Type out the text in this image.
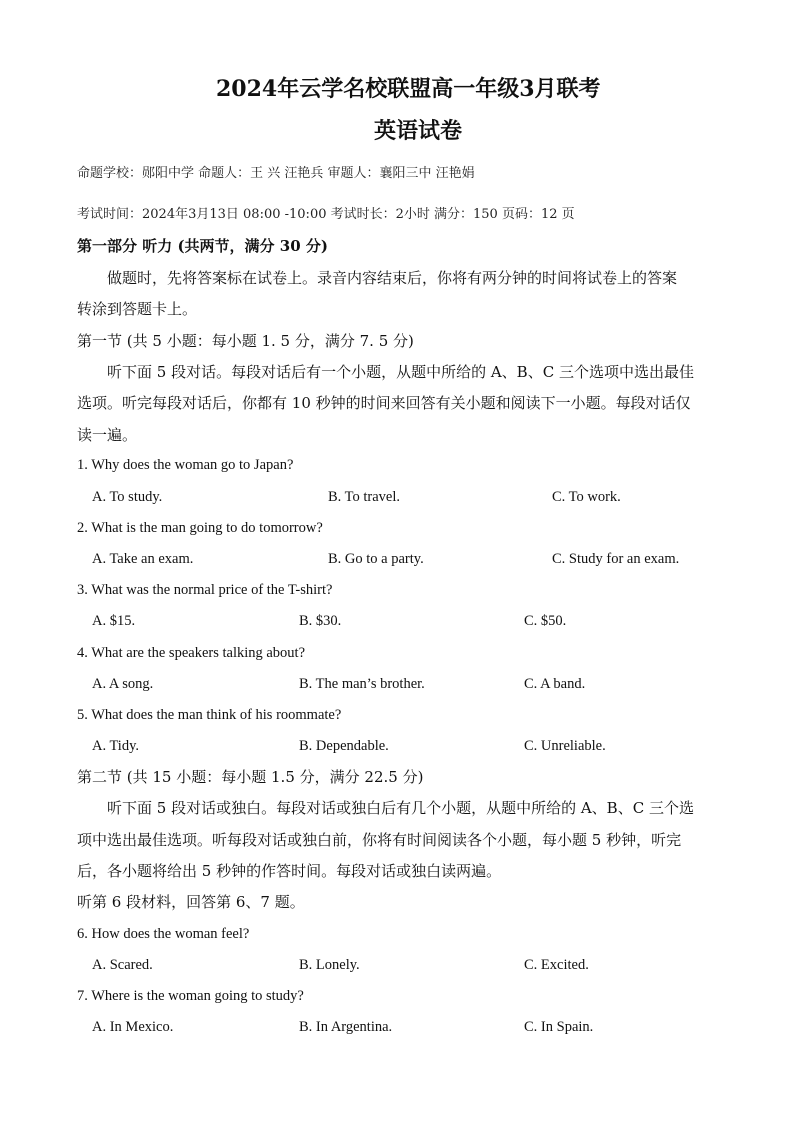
2024年云学名校联盟高一年级3月联考
英语试卷
命题学校：郧阳中学 命题人：王 兴 汪艳兵 审题人：襄阳三中 汪艳娟
考试时间：2024年3月13日 08:00 -10:00 考试时长：2小时 满分：150 页码：12 页
第一部分 听力 (共两节，满分 30 分)
做题时，先将答案标在试卷上。录音内容结束后，你将有两分钟的时间将试卷上的答案
转涂到答题卡上。
第一节 (共 5 小题：每小题 1. 5 分，满分 7. 5 分)
听下面 5 段对话。每段对话后有一个小题，从题中所给的 A、B、C 三个选项中选出最佳
选项。听完每段对话后，你都有 10 秒钟的时间来回答有关小题和阅读下一小题。每段对话仅
读一遍。
1. Why does the woman go to Japan?
A. To study.	B. To travel.	C. To work.
2. What is the man going to do tomorrow?
A. Take an exam.	B. Go to a party.	C. Study for an exam.
3. What was the normal price of the T-shirt?
A. $15.	B. $30.	C. $50.
4. What are the speakers talking about?
A. A song.	B. The man’s brother.	C. A band.
5. What does the man think of his roommate?
A. Tidy.	B. Dependable.	C. Unreliable.
第二节 (共 15 小题：每小题 1.5 分，满分 22.5 分)
听下面 5 段对话或独白。每段对话或独白后有几个小题，从题中所给的 A、B、C 三个选
项中选出最佳选项。听每段对话或独白前，你将有时间阅读各个小题，每小题 5 秒钟，听完
后，各小题将给出 5 秒钟的作答时间。每段对话或独白读两遍。
听第 6 段材料，回答第 6、7 题。
6. How does the woman feel?
A. Scared.	B. Lonely.	C. Excited.
7. Where is the woman going to study?
A. In Mexico.	B. In Argentina.	C. In Spain.
